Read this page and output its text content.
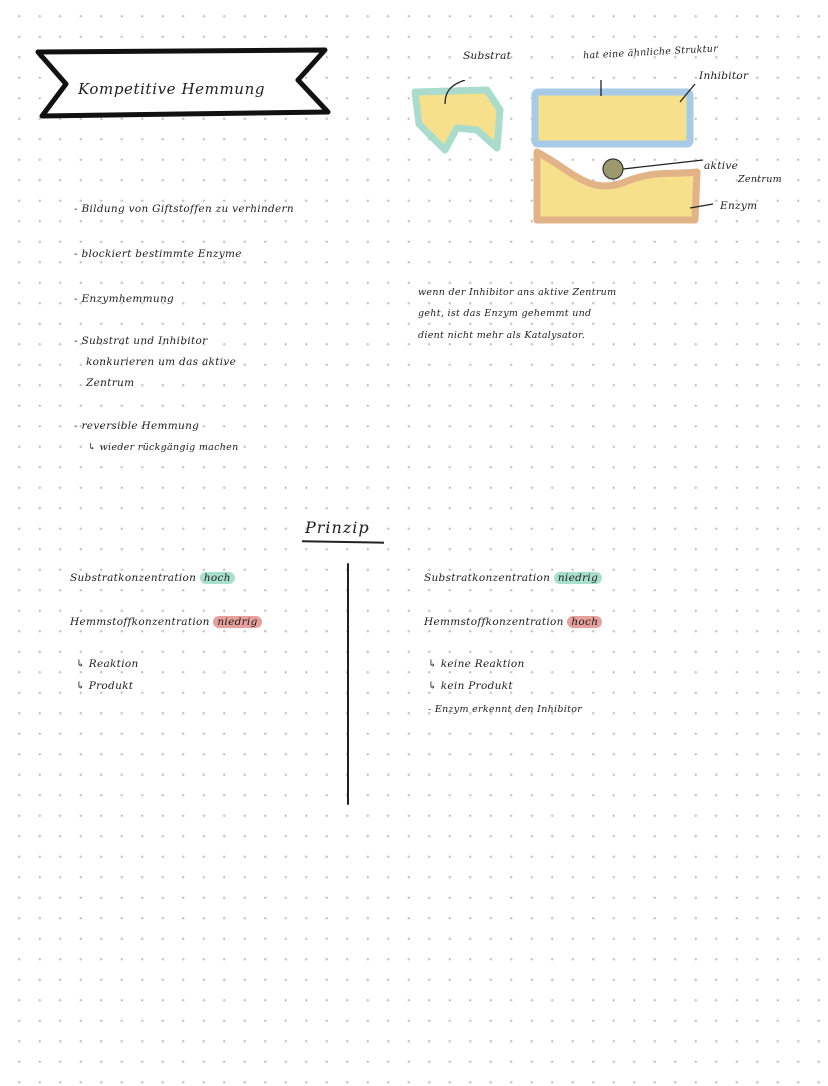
Kompetitive Hemmung
- Bildung von Giftstoffen zu verhindern
- blockiert bestimmte Enzyme
- Enzymhemmung
- Substrat und Inhibitor
konkurieren um das aktive
Zentrum
- reversible Hemmung
↳ wieder rückgängig machen
Substrat	hat eine ähnliche Struktur
Inhibitor
aktive
Zentrum
Enzym
wenn der Inhibitor ans aktive Zentrum
geht, ist das Enzym gehemmt und
dient nicht mehr als Katalysator.
Prinzip
Substratkonzentration hoch
Hemmstoffkonzentration niedrig
↳ Reaktion
↳ Produkt
Substratkonzentration niedrig
Hemmstoffkonzentration hoch
↳ keine Reaktion
↳ kein Produkt
- Enzym erkennt den Inhibitor
